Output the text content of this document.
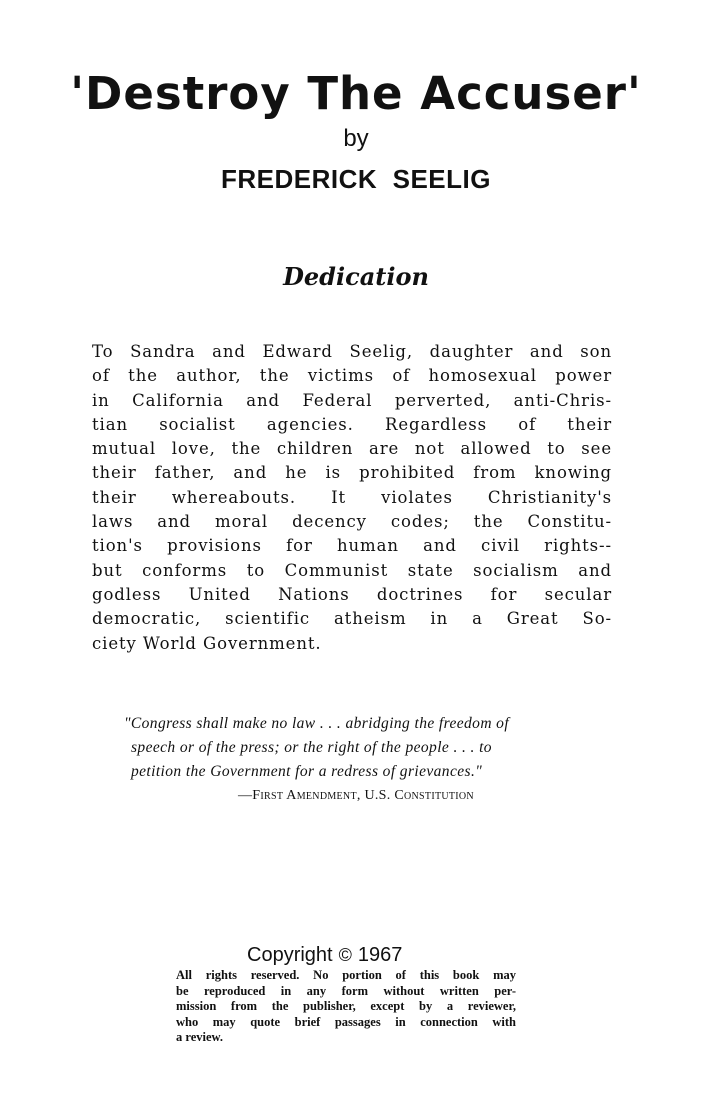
'Destroy The Accuser'
by
FREDERICK  SEELIG
Dedication

To Sandra and Edward Seelig, daughter and son
of the author, the victims of homosexual power
in California and Federal perverted, anti-Chris-
tian socialist agencies. Regardless of their
mutual love, the children are not allowed to see
their father, and he is prohibited from knowing
their whereabouts. It violates Christianity's
laws and moral decency codes; the Constitu-
tion's provisions for human and civil rights--
but conforms to Communist state socialism and
godless United Nations doctrines for secular
democratic, scientific atheism in a Great So-
ciety World Government.

"Congress shall make no law . . . abridging the freedom of
speech or of the press; or the right of the people . . . to
petition the Government for a redress of grievances."

—First Amendment, U.S. Constitution
Copyright © 1967

All rights reserved. No portion of this book may
be reproduced in any form without written per-
mission from the publisher, except by a reviewer,
who may quote brief passages in connection with
a review.
